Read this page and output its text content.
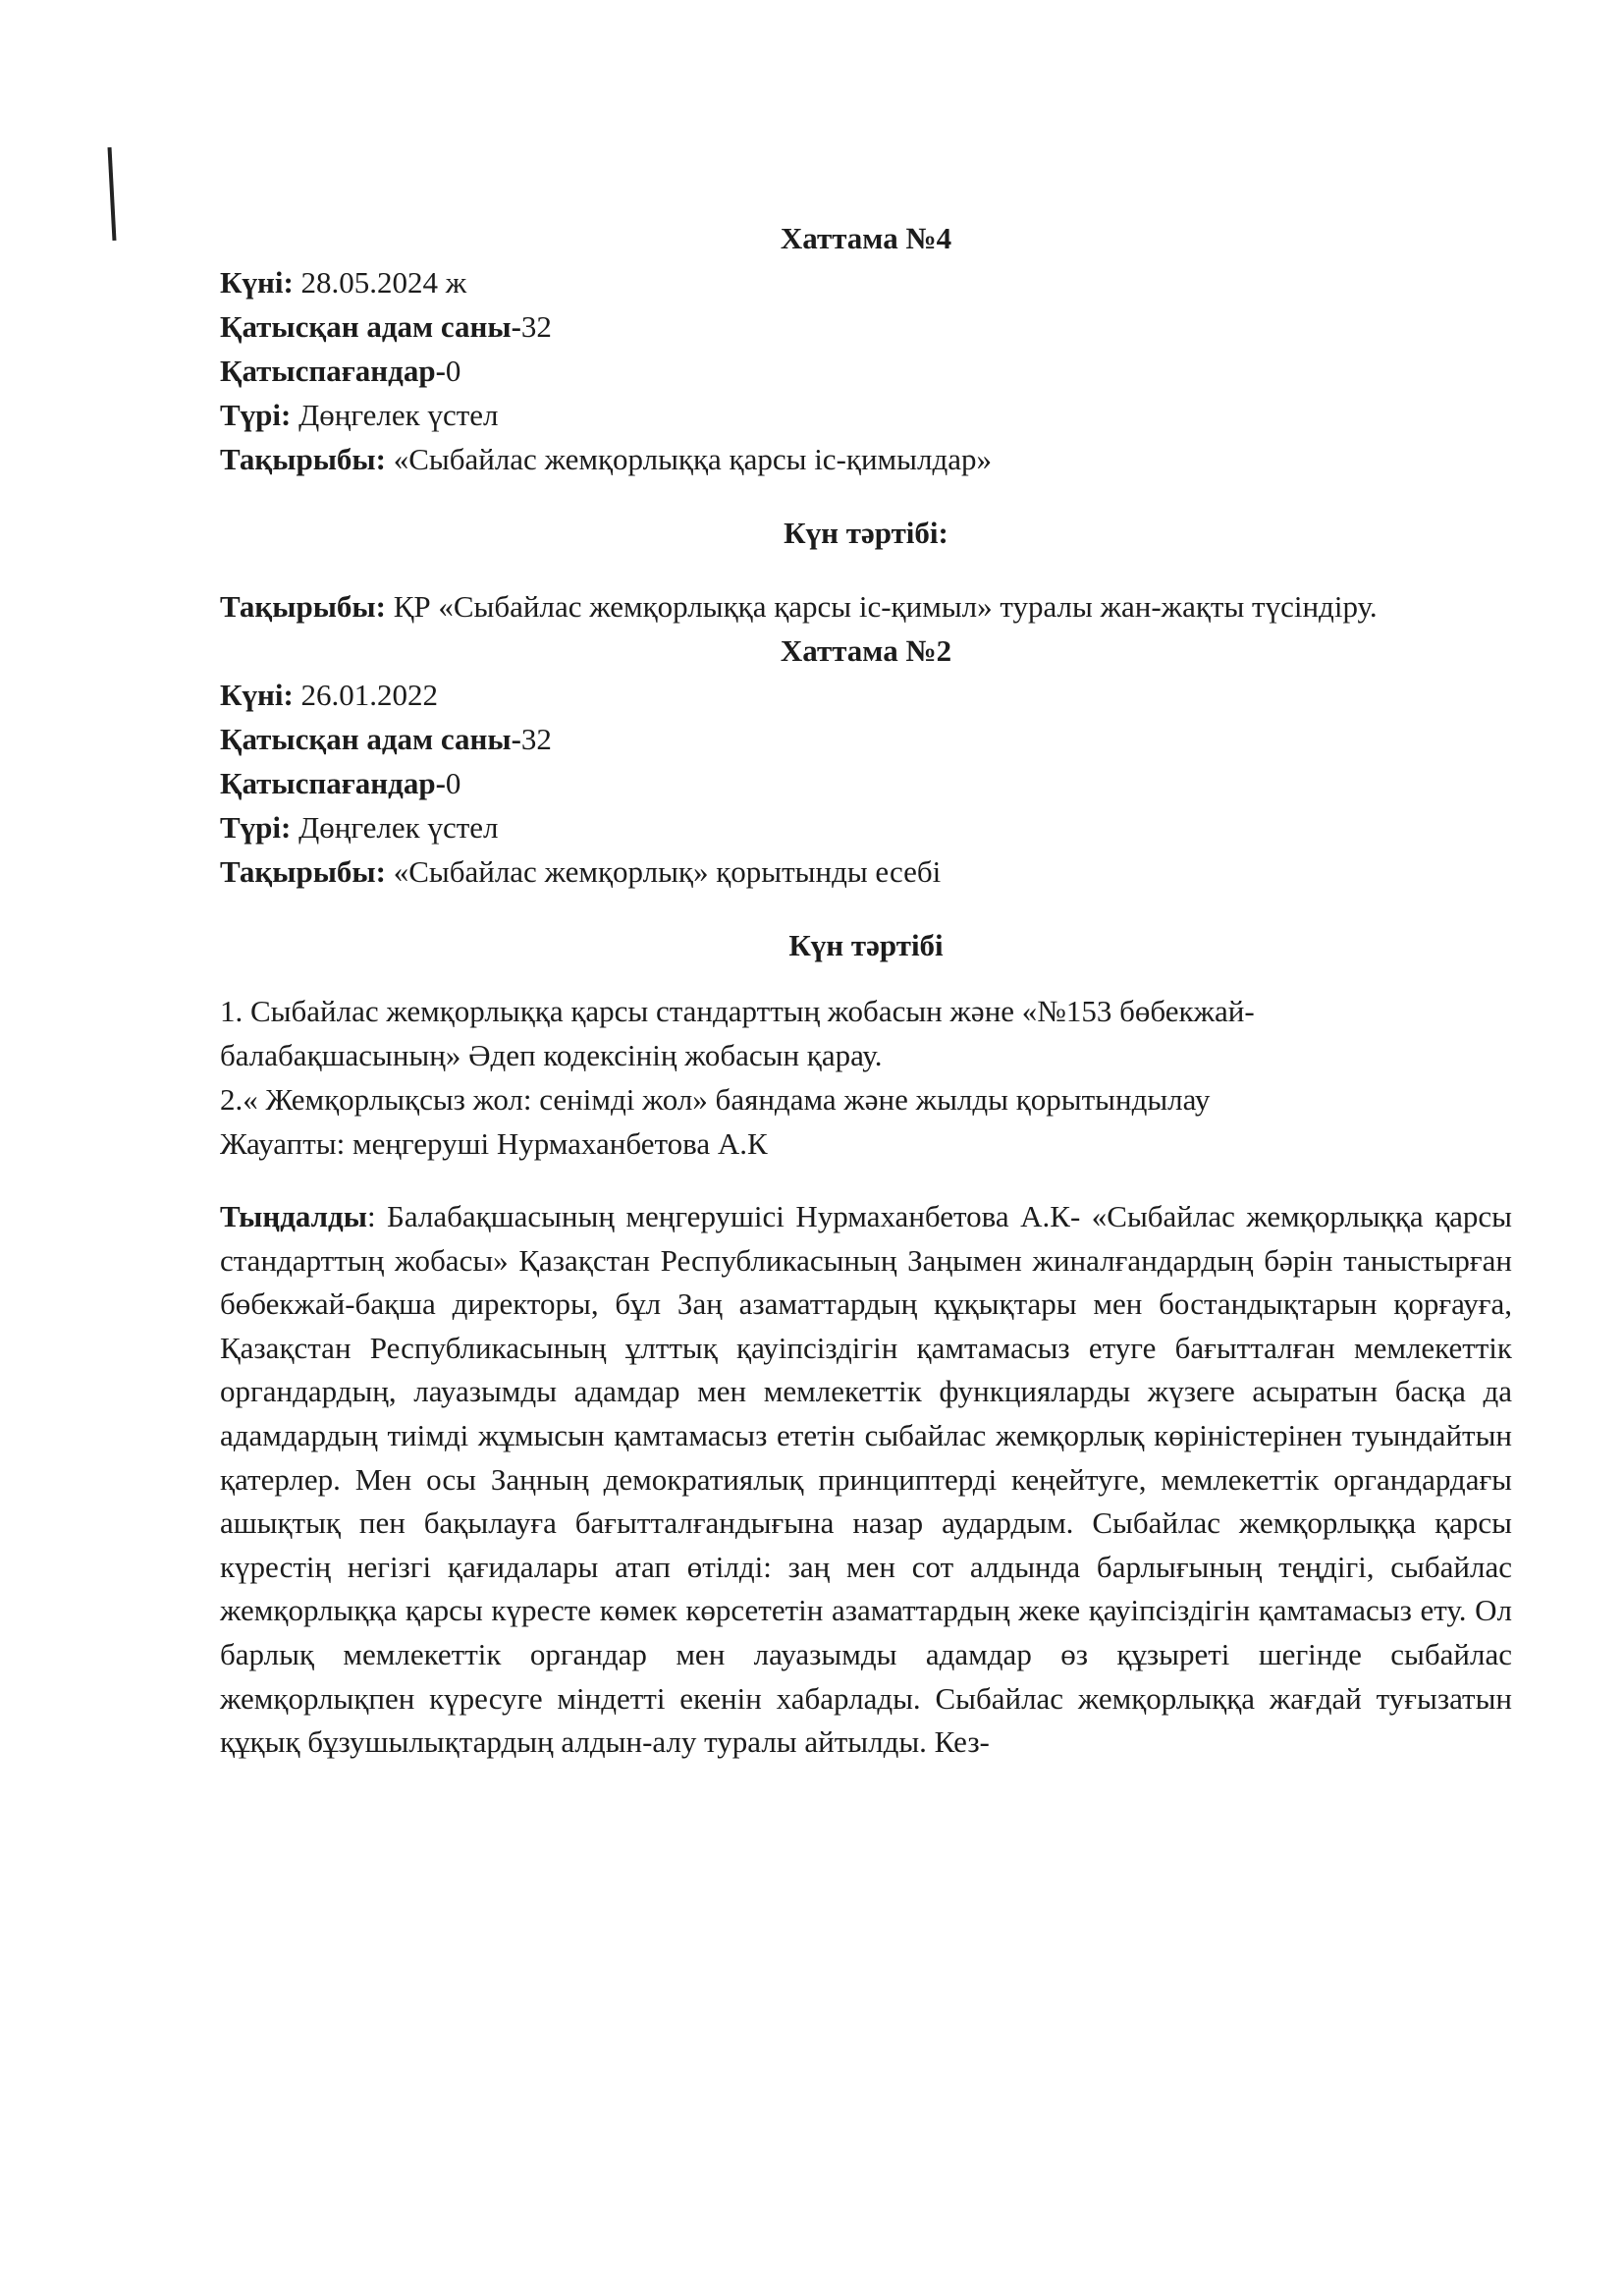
Хаттама №4
Күні: 28.05.2024 ж
Қатысқан адам саны-32
Қатыспағандар-0
Түрі: Дөңгелек үстел
Тақырыбы: «Сыбайлас жемқорлыққа қарсы іс-қимылдар»
Күн тәртібі:
Тақырыбы: ҚР «Сыбайлас жемқорлыққа қарсы іс-қимыл» туралы жан-жақты түсіндіру.
Хаттама №2
Күні: 26.01.2022
Қатысқан адам саны-32
Қатыспағандар-0
Түрі: Дөңгелек үстел
Тақырыбы: «Сыбайлас жемқорлық» қорытынды есебі
Күн тәртібі
1. Сыбайлас жемқорлыққа қарсы стандарттың жобасын және «№153 бөбекжай-балабақшасының» Әдеп кодексінің жобасын қарау.
2.« Жемқорлықсыз жол: сенімді жол» баяндама және жылды қорытындылау
Жауапты: меңгеруші Нурмаханбетова А.К
Тыңдалды: Балабақшасының меңгерушісі Нурмаханбетова А.К- «Сыбайлас жемқорлыққа қарсы стандарттың жобасы» Қазақстан Республикасының Заңымен жиналғандардың бәрін таныстырған бөбекжай-бақша директоры, бұл Заң азаматтардың құқықтары мен бостандықтарын қорғауға, Қазақстан Республикасының ұлттық қауіпсіздігін қамтамасыз етуге бағытталған мемлекеттік органдардың, лауазымды адамдар мен мемлекеттік функцияларды жүзеге асыратын басқа да адамдардың тиімді жұмысын қамтамасыз ететін сыбайлас жемқорлық көріністерінен туындайтын қатерлер. Мен осы Заңның демократиялық принциптерді кеңейтуге, мемлекеттік органдардағы ашықтық пен бақылауға бағытталғандығына назар аудардым. Сыбайлас жемқорлыққа қарсы күрестің негізгі қағидалары атап өтілді: заң мен сот алдында барлығының теңдігі, сыбайлас жемқорлыққа қарсы күресте көмек көрсететін азаматтардың жеке қауіпсіздігін қамтамасыз ету. Ол барлық мемлекеттік органдар мен лауазымды адамдар өз құзыреті шегінде сыбайлас жемқорлықпен күресуге міндетті екенін хабарлады. Сыбайлас жемқорлыққа жағдай туғызатын құқық бұзушылықтардың алдын-алу туралы айтылды. Кез-
